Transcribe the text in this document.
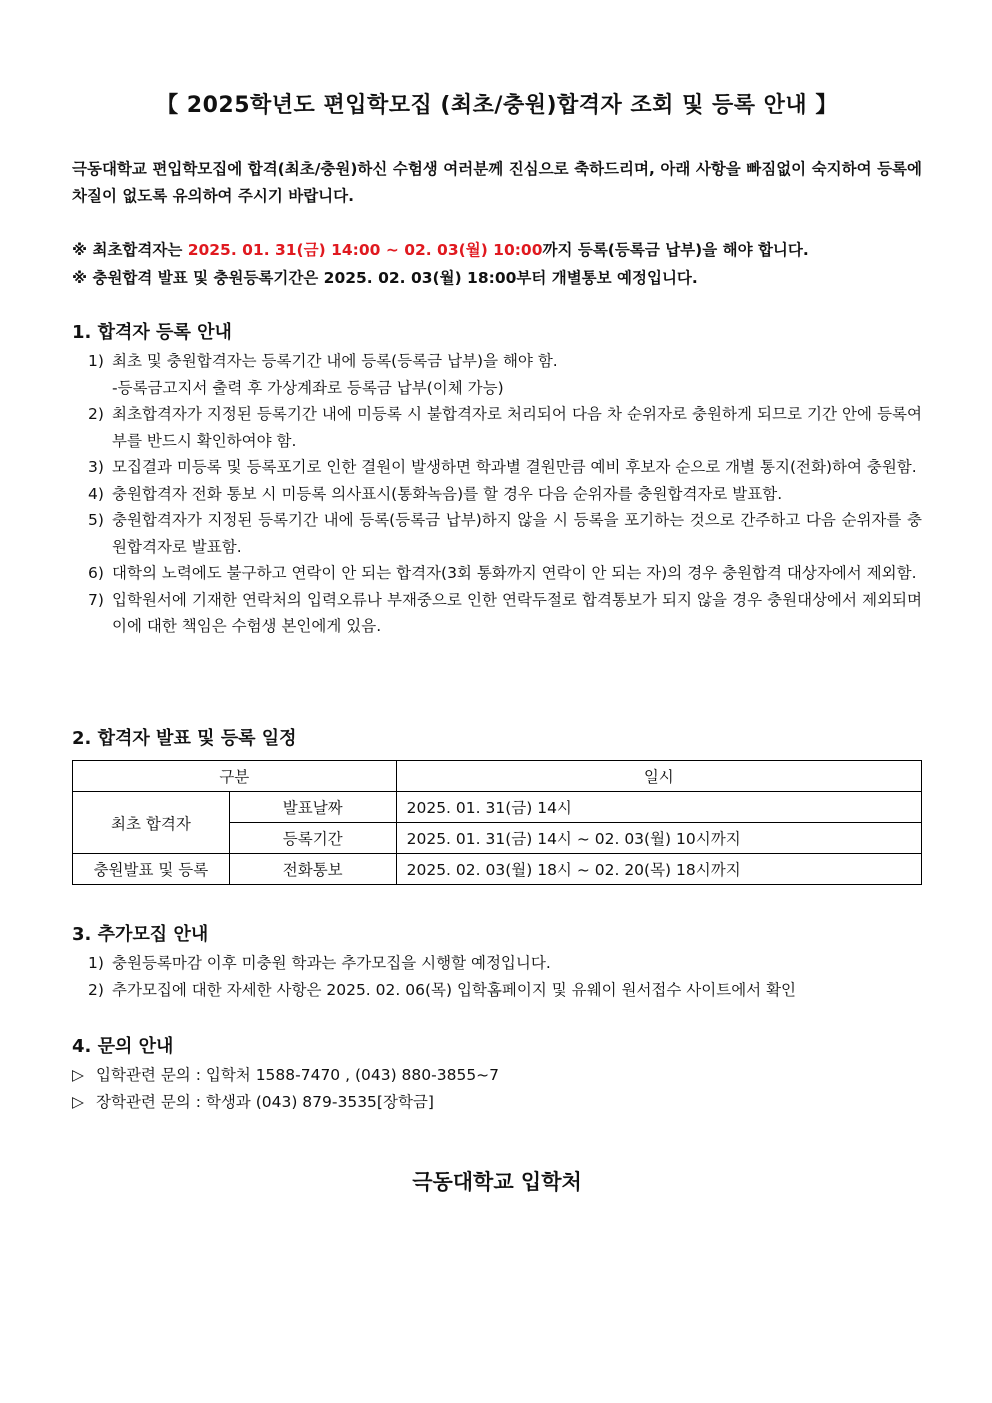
【 2025학년도 편입학모집 (최초/충원)합격자 조회 및 등록 안내 】
극동대학교 편입학모집에 합격(최초/충원)하신 수험생 여러분께 진심으로 축하드리며, 아래 사항을 빠짐없이 숙지하여 등록에 차질이 없도록 유의하여 주시기 바랍니다.
※ 최초합격자는 2025. 01. 31(금) 14:00 ~ 02. 03(월) 10:00까지 등록(등록금 납부)을 해야 합니다.
※ 충원합격 발표 및 충원등록기간은 2025. 02. 03(월) 18:00부터 개별통보 예정입니다.
1. 합격자 등록 안내
1) 최초 및 충원합격자는 등록기간 내에 등록(등록금 납부)을 해야 함.
-등록금고지서 출력 후 가상계좌로 등록금 납부(이체 가능)
2) 최초합격자가 지정된 등록기간 내에 미등록 시 불합격자로 처리되어 다음 차 순위자로 충원하게 되므로 기간 안에 등록여부를 반드시 확인하여야 함.
3) 모집결과 미등록 및 등록포기로 인한 결원이 발생하면 학과별 결원만큼 예비 후보자 순으로 개별 통지(전화)하여 충원함.
4) 충원합격자 전화 통보 시 미등록 의사표시(통화녹음)를 할 경우 다음 순위자를 충원합격자로 발표함.
5) 충원합격자가 지정된 등록기간 내에 등록(등록금 납부)하지 않을 시 등록을 포기하는 것으로 간주하고 다음 순위자를 충원합격자로 발표함.
6) 대학의 노력에도 불구하고 연락이 안 되는 합격자(3회 통화까지 연락이 안 되는 자)의 경우 충원합격 대상자에서 제외함.
7) 입학원서에 기재한 연락처의 입력오류나 부재중으로 인한 연락두절로 합격통보가 되지 않을 경우 충원대상에서 제외되며 이에 대한 책임은 수험생 본인에게 있음.
2. 합격자 발표 및 등록 일정
구분		일시
최초 합격자	발표날짜	2025. 01. 31(금) 14시
	등록기간	2025. 01. 31(금) 14시 ~ 02. 03(월) 10시까지
충원발표 및 등록	전화통보	2025. 02. 03(월) 18시 ~ 02. 20(목) 18시까지
3. 추가모집 안내
1) 충원등록마감 이후 미충원 학과는 추가모집을 시행할 예정입니다.
2) 추가모집에 대한 자세한 사항은 2025. 02. 06(목) 입학홈페이지 및 유웨이 원서접수 사이트에서 확인
4. 문의 안내
▷ 입학관련 문의 : 입학처 1588-7470 , (043) 880-3855~7
▷ 장학관련 문의 : 학생과 (043) 879-3535[장학금]
극동대학교 입학처
